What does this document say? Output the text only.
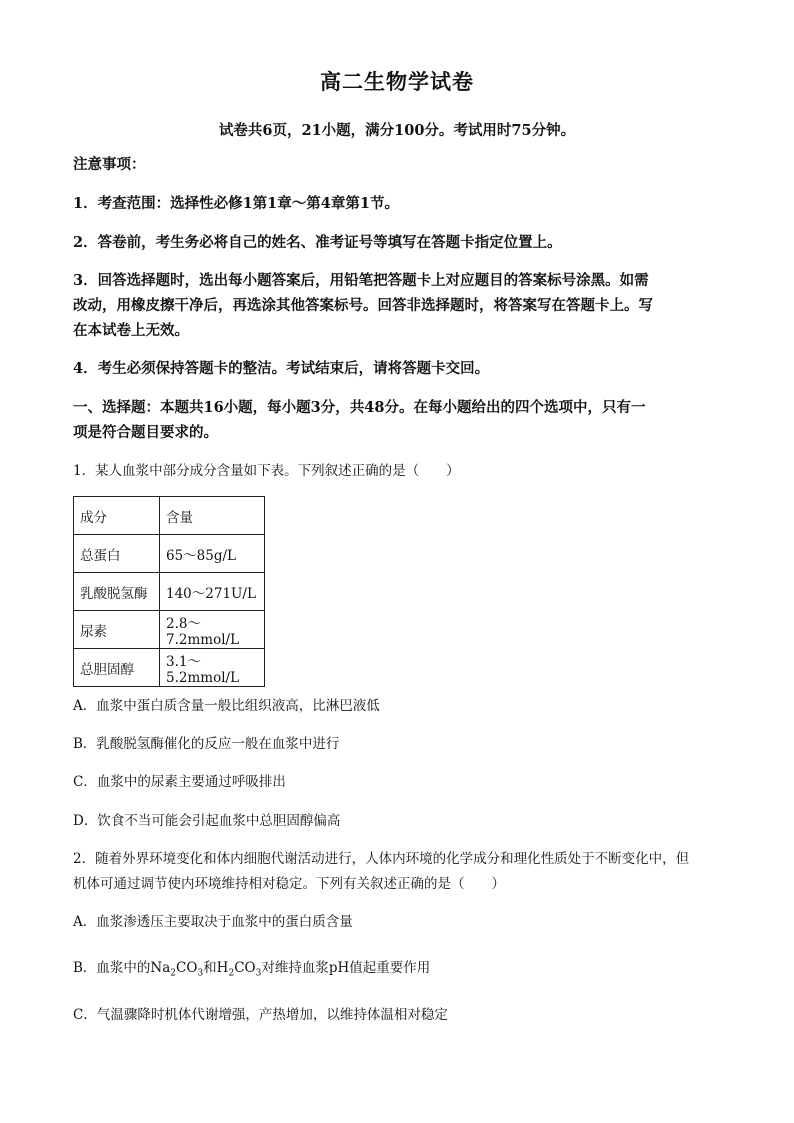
高二生物学试卷
试卷共6页，21小题，满分100分。考试用时75分钟。
注意事项：
1．考查范围：选择性必修1第1章～第4章第1节。
2．答卷前，考生务必将自己的姓名、准考证号等填写在答题卡指定位置上。
3．回答选择题时，选出每小题答案后，用铅笔把答题卡上对应题目的答案标号涂黑。如需
改动，用橡皮擦干净后，再选涂其他答案标号。回答非选择题时，将答案写在答题卡上。写
在本试卷上无效。
4．考生必须保持答题卡的整洁。考试结束后，请将答题卡交回。
一、选择题：本题共16小题，每小题3分，共48分。在每小题给出的四个选项中，只有一
项是符合题目要求的。
1．某人血浆中部分成分含量如下表。下列叙述正确的是（　　）
成分	含量
总蛋白	65～85g/L
乳酸脱氢酶	140～271U/L
尿素	2.8～7.2mmol/L
总胆固醇	3.1～5.2mmol/L
A．血浆中蛋白质含量一般比组织液高，比淋巴液低
B．乳酸脱氢酶催化的反应一般在血浆中进行
C．血浆中的尿素主要通过呼吸排出
D．饮食不当可能会引起血浆中总胆固醇偏高
2．随着外界环境变化和体内细胞代谢活动进行，人体内环境的化学成分和理化性质处于不断变化中，但
机体可通过调节使内环境维持相对稳定。下列有关叙述正确的是（　　）
A．血浆渗透压主要取决于血浆中的蛋白质含量
B．血浆中的$Na_2CO_3$和$H_2CO_3$对维持血浆pH值起重要作用
C．气温骤降时机体代谢增强，产热增加，以维持体温相对稳定
